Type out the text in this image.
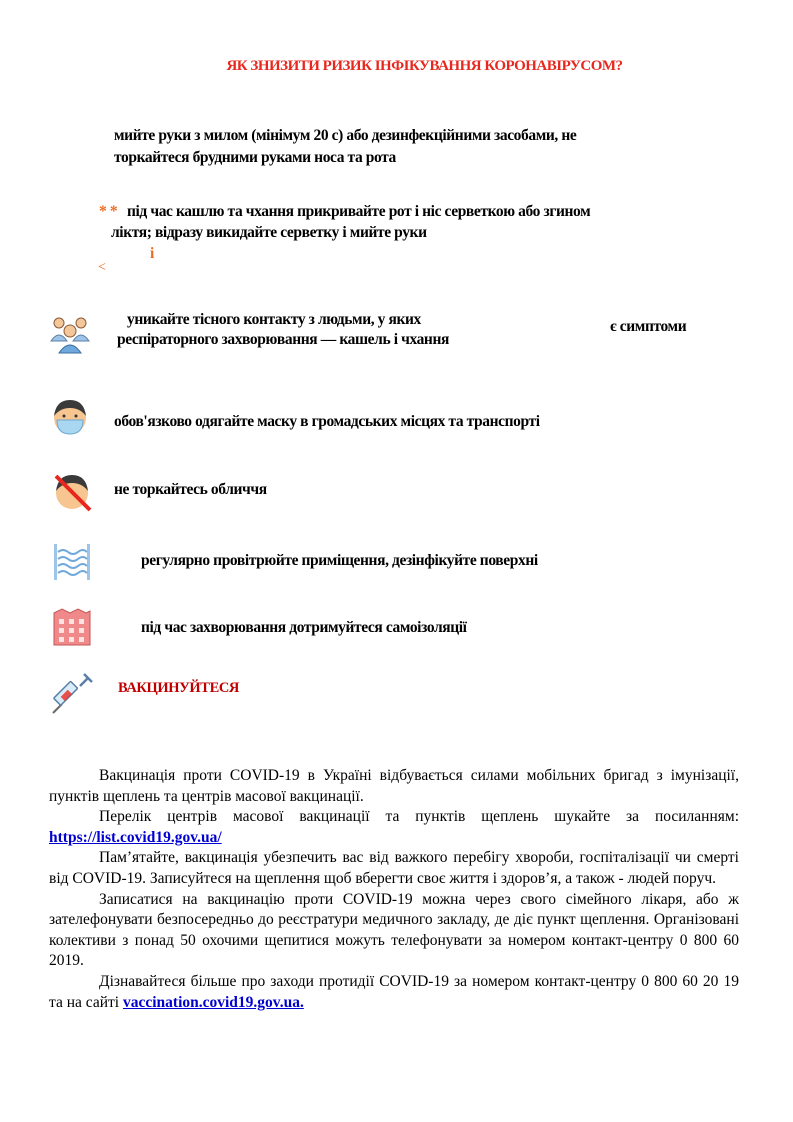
ЯК ЗНИЗИТИ РИЗИК ІНФІКУВАННЯ КОРОНАВІРУСОМ?
мийте руки з милом (мінімум 20 с) або дезинфекційними засобами, не
торкайтеся брудними руками носа та рота
* * під час кашлю та чхання прикривайте рот і ніс серветкою або згином
ліктя; відразу викидайте серветку і мийте руки
і
<
уникайте тісного контакту з людьми, у яких
респіраторного захворювання — кашель і чхання
є симптоми
обов'язково одягайте маску в громадських місцях та транспорті
не торкайтесь обличчя
регулярно провітрюйте приміщення, дезінфікуйте поверхні
під час захворювання дотримуйтеся самоізоляції
ВАКЦИНУЙТЕСЯ

Вакцинація проти COVID-19 в Україні відбувається силами мобільних бригад з імунізації, пунктів щеплень та центрів масової вакцинації.

Перелік центрів масової вакцинації та пунктів щеплень шукайте за посиланням: https://list.covid19.gov.ua/

Пам’ятайте, вакцинація убезпечить вас від важкого перебігу хвороби, госпіталізації чи смерті від COVID-19. Записуйтеся на щеплення щоб вберегти своє життя і здоров’я, а також - людей поруч.

Записатися на вакцинацію проти COVID-19 можна через свого сімейного лікаря, або ж зателефонувати безпосередньо до реєстратури медичного закладу, де діє пункт щеплення. Організовані колективи з понад 50 охочими щепитися можуть телефонувати за номером контакт-центру 0 800 60 2019.

Дізнавайтеся більше про заходи протидії COVID-19 за номером контакт-центру 0 800 60 20 19 та на сайті vaccination.covid19.gov.ua.
